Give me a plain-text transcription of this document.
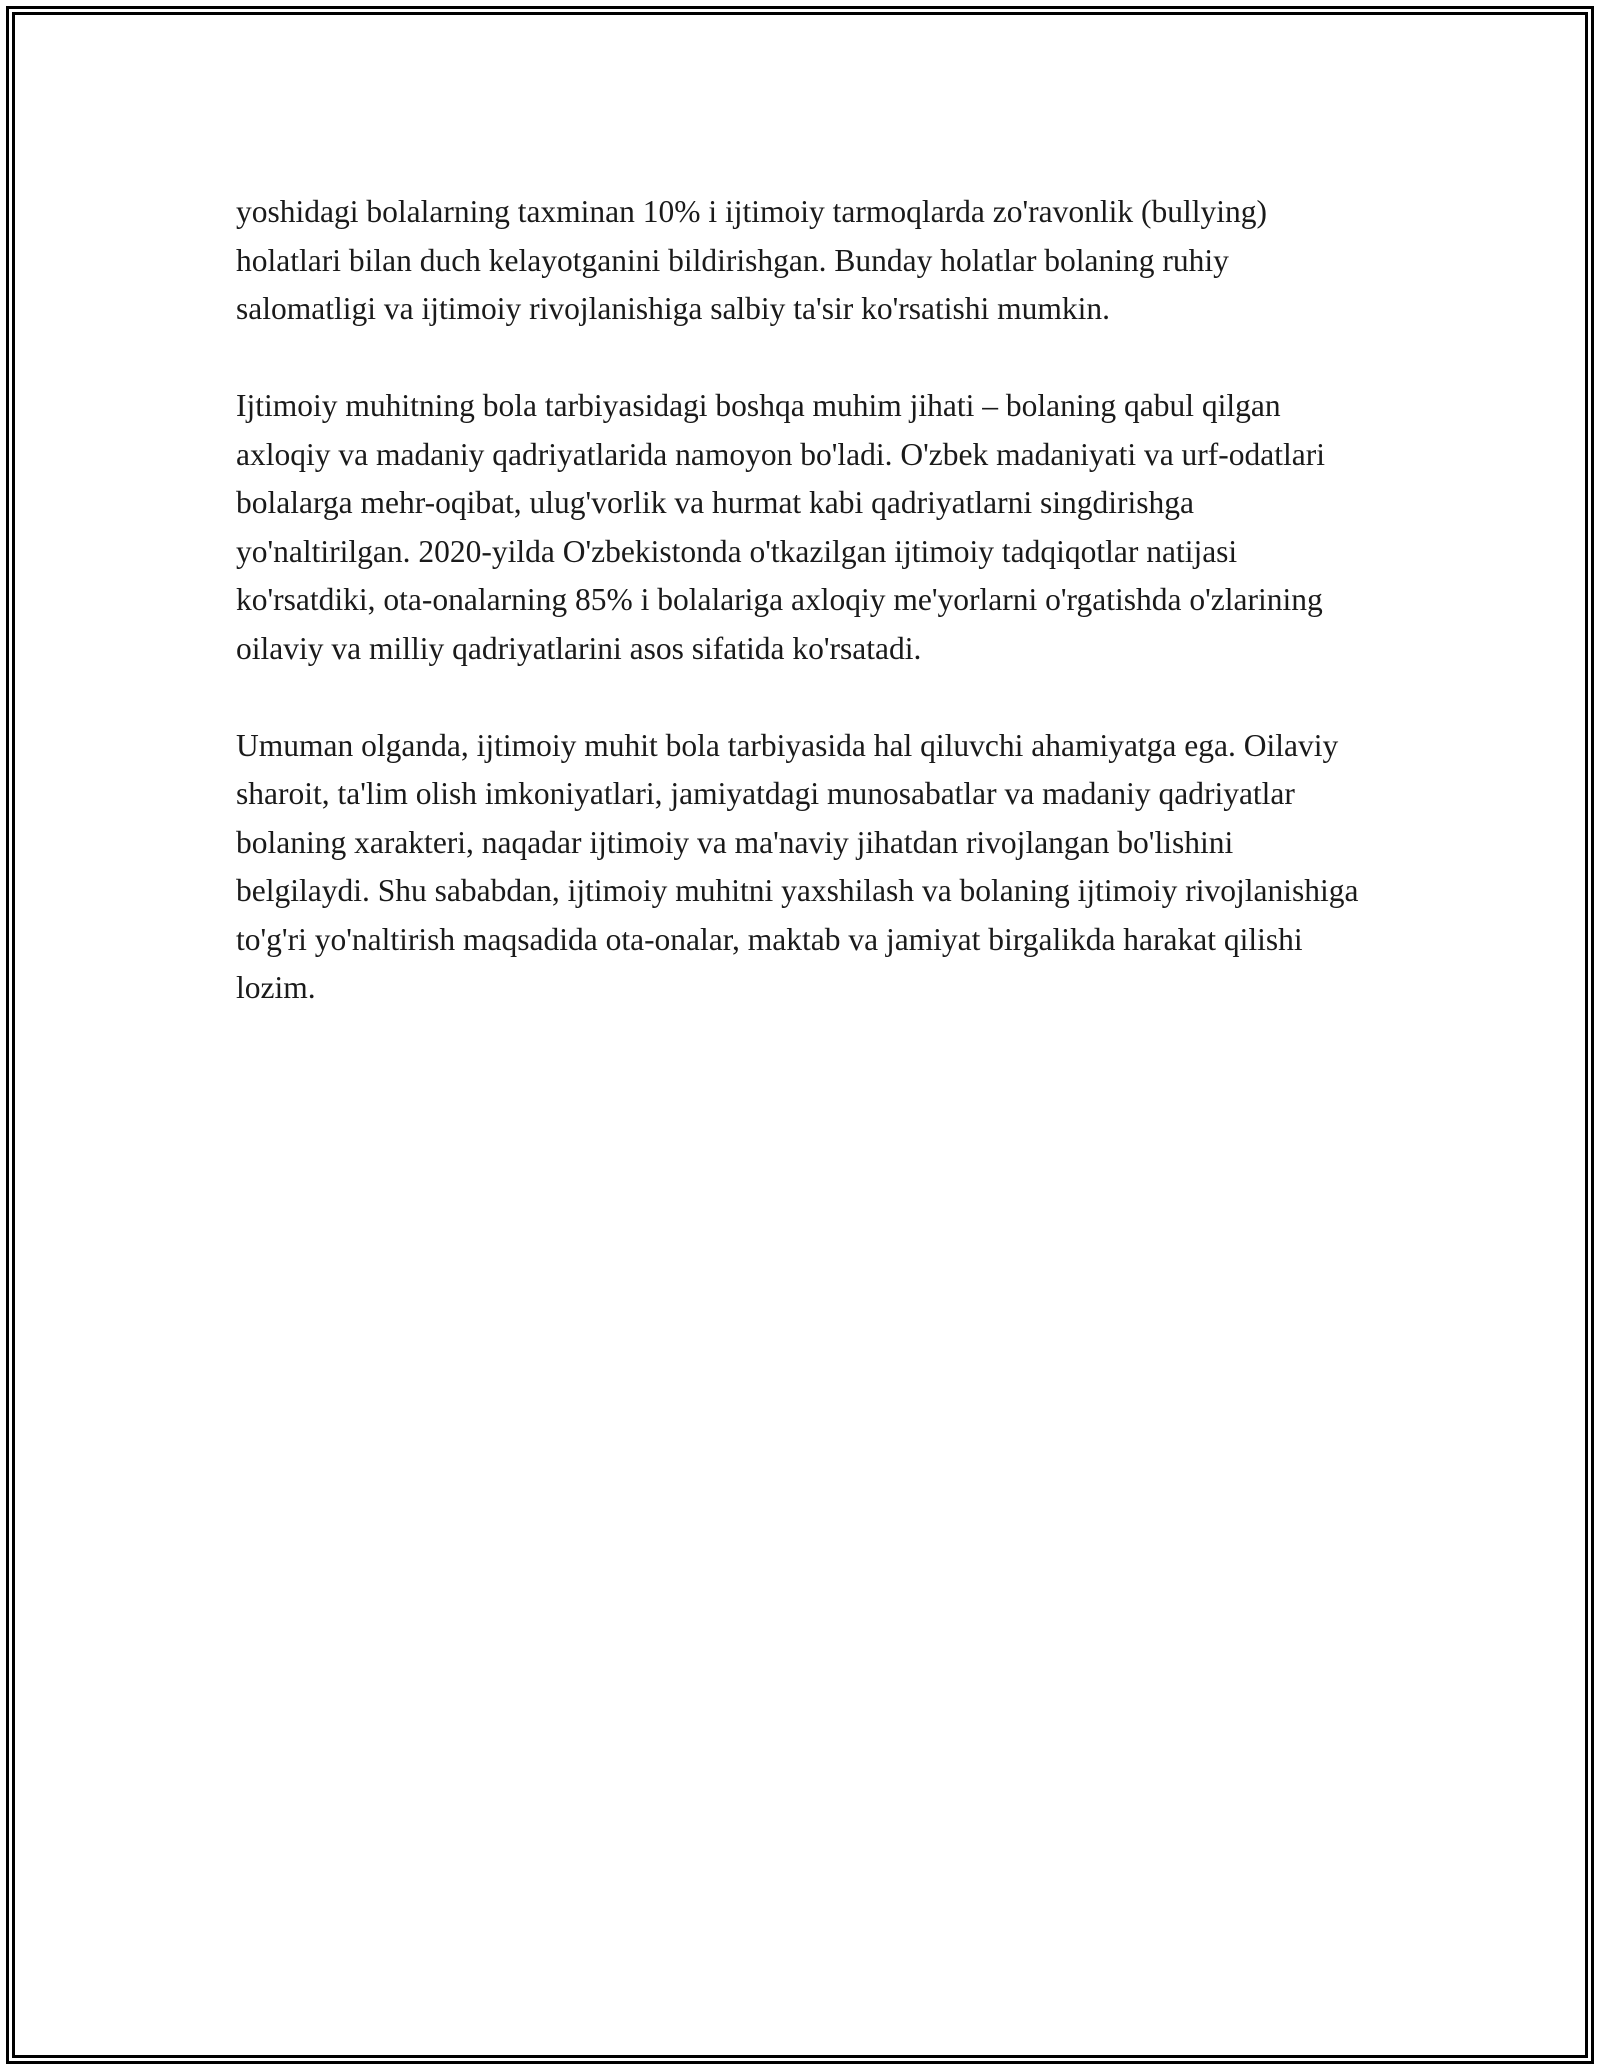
yoshidagi bolalarning taxminan 10% i ijtimoiy tarmoqlarda zo'ravonlik (bullying) holatlari bilan duch kelayotganini bildirishgan. Bunday holatlar bolaning ruhiy salomatligi va ijtimoiy rivojlanishiga salbiy ta'sir ko'rsatishi mumkin.

Ijtimoiy muhitning bola tarbiyasidagi boshqa muhim jihati – bolaning qabul qilgan axloqiy va madaniy qadriyatlarida namoyon bo'ladi. O'zbek madaniyati va urf-odatlari bolalarga mehr-oqibat, ulug'vorlik va hurmat kabi qadriyatlarni singdirishga yo'naltirilgan. 2020-yilda O'zbekistonda o'tkazilgan ijtimoiy tadqiqotlar natijasi ko'rsatdiki, ota-onalarning 85% i bolalariga axloqiy me'yorlarni o'rgatishda o'zlarining oilaviy va milliy qadriyatlarini asos sifatida ko'rsatadi.

Umuman olganda, ijtimoiy muhit bola tarbiyasida hal qiluvchi ahamiyatga ega. Oilaviy sharoit, ta'lim olish imkoniyatlari, jamiyatdagi munosabatlar va madaniy qadriyatlar bolaning xarakteri, naqadar ijtimoiy va ma'naviy jihatdan rivojlangan bo'lishini belgilaydi. Shu sababdan, ijtimoiy muhitni yaxshilash va bolaning ijtimoiy rivojlanishiga to'g'ri yo'naltirish maqsadida ota-onalar, maktab va jamiyat birgalikda harakat qilishi lozim.
